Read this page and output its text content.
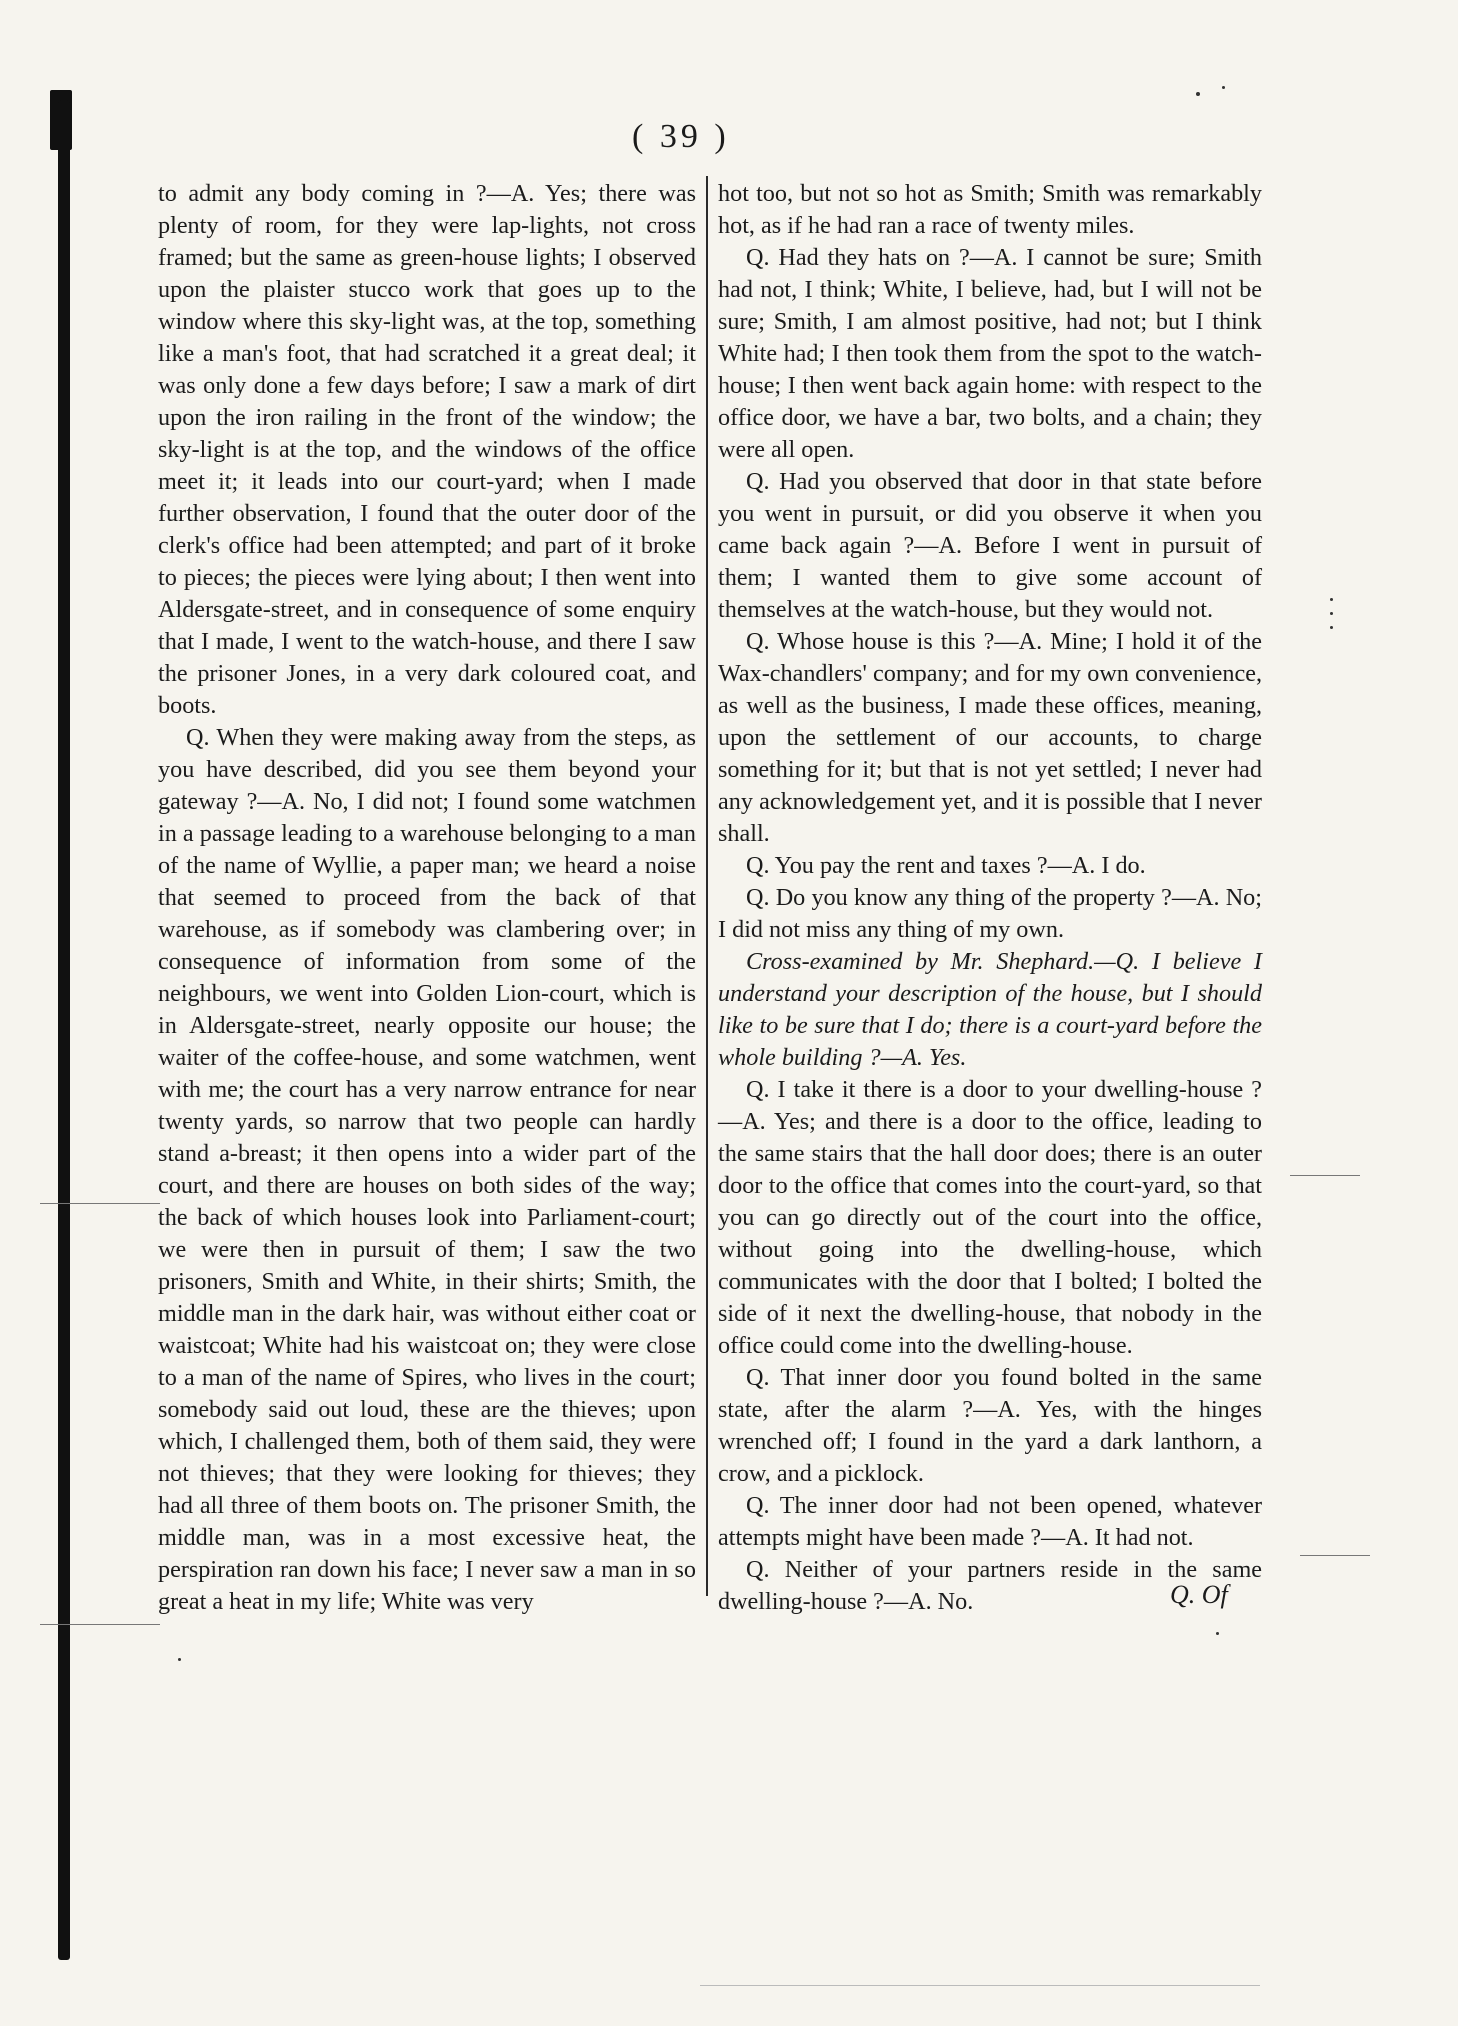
( 39 )

to admit any body coming in ?—A. Yes; there was plenty of room, for they were lap-lights, not cross framed; but the same as green-house lights; I observed upon the plaister stucco work that goes up to the window where this sky-light was, at the top, something like a man's foot, that had scratched it a great deal; it was only done a few days before; I saw a mark of dirt upon the iron railing in the front of the window; the sky-light is at the top, and the windows of the office meet it; it leads into our court-yard; when I made further observation, I found that the outer door of the clerk's office had been attempted; and part of it broke to pieces; the pieces were lying about; I then went into Aldersgate-street, and in consequence of some enquiry that I made, I went to the watch-house, and there I saw the prisoner Jones, in a very dark coloured coat, and boots.

Q. When they were making away from the steps, as you have described, did you see them beyond your gateway ?—A. No, I did not; I found some watchmen in a passage leading to a warehouse belonging to a man of the name of Wyllie, a paper man; we heard a noise that seemed to proceed from the back of that warehouse, as if somebody was clambering over; in consequence of information from some of the neighbours, we went into Golden Lion-court, which is in Aldersgate-street, nearly opposite our house; the waiter of the coffee-house, and some watchmen, went with me; the court has a very narrow entrance for near twenty yards, so narrow that two people can hardly stand a-breast; it then opens into a wider part of the court, and there are houses on both sides of the way; the back of which houses look into Parliament-court; we were then in pursuit of them; I saw the two prisoners, Smith and White, in their shirts; Smith, the middle man in the dark hair, was without either coat or waistcoat; White had his waistcoat on; they were close to a man of the name of Spires, who lives in the court; somebody said out loud, these are the thieves; upon which, I challenged them, both of them said, they were not thieves; that they were looking for thieves; they had all three of them boots on. The prisoner Smith, the middle man, was in a most excessive heat, the perspiration ran down his face; I never saw a man in so great a heat in my life; White was very

hot too, but not so hot as Smith; Smith was remarkably hot, as if he had ran a race of twenty miles.

Q. Had they hats on ?—A. I cannot be sure; Smith had not, I think; White, I believe, had, but I will not be sure; Smith, I am almost positive, had not; but I think White had; I then took them from the spot to the watch-house; I then went back again home: with respect to the office door, we have a bar, two bolts, and a chain; they were all open.

Q. Had you observed that door in that state before you went in pursuit, or did you observe it when you came back again ?—A. Before I went in pursuit of them; I wanted them to give some account of themselves at the watch-house, but they would not.

Q. Whose house is this ?—A. Mine; I hold it of the Wax-chandlers' company; and for my own convenience, as well as the business, I made these offices, meaning, upon the settlement of our accounts, to charge something for it; but that is not yet settled; I never had any acknowledgement yet, and it is possible that I never shall.

Q. You pay the rent and taxes ?—A. I do.

Q. Do you know any thing of the property ?—A. No; I did not miss any thing of my own.

Cross-examined by Mr. Shephard.—Q. I believe I understand your description of the house, but I should like to be sure that I do; there is a court-yard before the whole building ?—A. Yes.

Q. I take it there is a door to your dwelling-house ?—A. Yes; and there is a door to the office, leading to the same stairs that the hall door does; there is an outer door to the office that comes into the court-yard, so that you can go directly out of the court into the office, without going into the dwelling-house, which communicates with the door that I bolted; I bolted the side of it next the dwelling-house, that nobody in the office could come into the dwelling-house.

Q. That inner door you found bolted in the same state, after the alarm ?—A. Yes, with the hinges wrenched off; I found in the yard a dark lanthorn, a crow, and a picklock.

Q. The inner door had not been opened, whatever attempts might have been made ?—A. It had not.

Q. Neither of your partners reside in the same dwelling-house ?—A. No.	Q. Of
